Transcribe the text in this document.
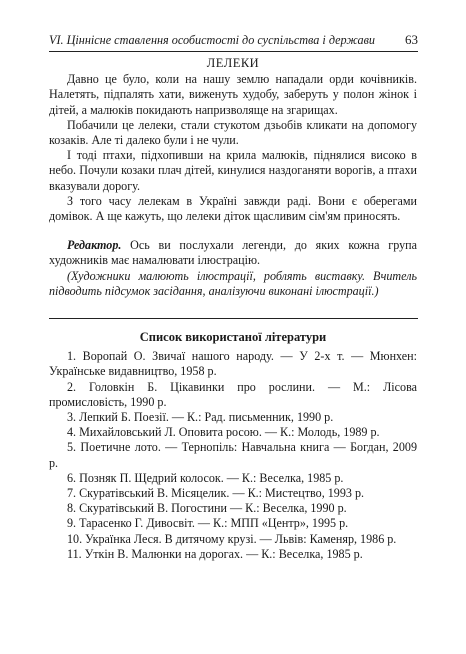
VI. Ціннісне ставлення особистості до суспільства і держави 63

ЛЕЛЕКИ

Давно це було, коли на нашу землю нападали орди кочівників. Налетять, підпалять хати, виженуть худобу, заберуть у полон жінок і дітей, а малюків покидають напризволяще на згарищах.

Побачили це лелеки, стали стукотом дзьобів кликати на допомогу козаків. Але ті далеко були і не чули.

І тоді птахи, підхопивши на крила малюків, піднялися високо в небо. Почули козаки плач дітей, кинулися наздоганяти ворогів, а птахи вказували дорогу.

З того часу лелекам в Україні завжди раді. Вони є оберегами домівок. А ще кажуть, що лелеки діток щасливим сім'ям приносять.

Редактор. Ось ви послухали легенди, до яких кожна група художників має намалювати ілюстрацію.

(Художники малюють ілюстрації, роблять виставку. Вчитель підводить підсумок засідання, аналізуючи виконані ілюстрації.)

Список використаної літератури
1. Воропай О. Звичаї нашого народу. — У 2-х т. — Мюнхен: Українське видавництво, 1958 р.
2. Головкін Б. Цікавинки про рослини. — М.: Лісова промисловість, 1990 р.
3. Лепкий Б. Поезії. — К.: Рад. письменник, 1990 р.
4. Михайловський Л. Оповита росою. — К.: Молодь, 1989 р.
5. Поетичне лото. — Тернопіль: Навчальна книга — Богдан, 2009 р.
6. Позняк П. Щедрий колосок. — К.: Веселка, 1985 р.
7. Скуратівський В. Місяцелик. — К.: Мистецтво, 1993 р.
8. Скуратівський В. Погостини — К.: Веселка, 1990 р.
9. Тарасенко Г. Дивосвіт. — К.: МПП «Центр», 1995 р.
10. Українка Леся. В дитячому крузі. — Львів: Каменяр, 1986 р.
11. Уткін В. Малюнки на дорогах. — К.: Веселка, 1985 р.
